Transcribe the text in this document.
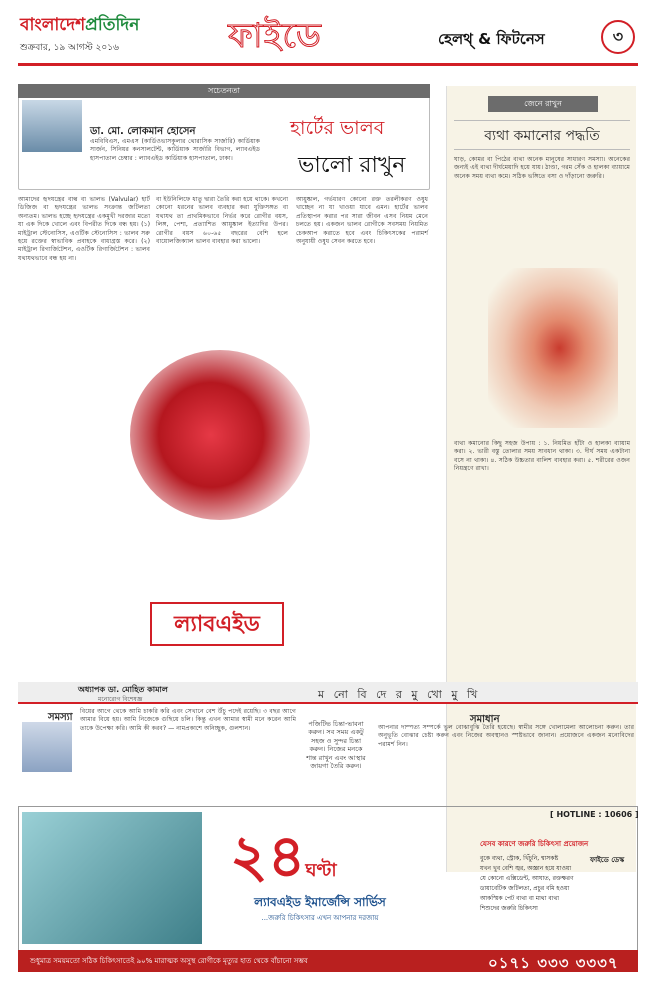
বাংলাদেশপ্রতিদিন
শুক্রবার, ১৯ আগস্ট ২০১৬	ফাইডে	হেলথ্ & ফিটনেস	৩
সচেতনতা
ডা. মো. লোকমান হোসেন
এমবিবিএস, এমএস (কার্ডিওভাসকুলার থোরাসিক সার্জারি) কার্ডিয়াক সার্জন, সিনিয়র কনসালটেন্ট, কার্ডিয়াক সার্জারি বিভাগ, ল্যাবএইড হাসপাতাল চেম্বার : ল্যাবএইড কার্ডিয়াক হাসপাতাল, ঢাকা।
হার্টের ভালব
ভালো রাখুন
আমাদের হৃদযন্ত্রের বাল্ব বা ভালভ (Valvular) হার্ট ডিজিজ বা হৃদযন্ত্রের ভালভ সংক্রান্ত জটিলতা অন্যতম। ভালভ হচ্ছে হৃদযন্ত্রের একমুখী দরজার মতো যা এক দিকে খোলে এবং বিপরীত দিকে বন্ধ হয়। (১) মাইট্রাল স্টেনোসিস, এওর্টিক স্টেনোসিস : ভালব সরু হয়ে রক্তের স্বাভাবিক প্রবাহকে বাধাগ্রস্ত করে। (২) মাইট্রাল রিগার্জিটেশন, এওর্টিক রিগার্জিটেশন : ভালব যথাযথভাবে বন্ধ হয় না।
বা ইউনিলিফে ধাতু দ্বারা তৈরি করা হয়ে থাকে। কখনো কোনো ধরনের ভালব ব্যবহার করা যুক্তিসঙ্গত বা যথাযথ তা প্রাথমিকভাবে নির্ভর করে রোগীর বয়স, লিঙ্গ, পেশা, প্রত্যাশিত আয়ুষ্কাল ইত্যাদির উপর। রোগীর বয়স ৬০-৬৫ বছরের বেশি হলে বায়োলজিক্যাল ভালব ব্যবহার করা ভালো।
আয়ুষ্কাল, গর্ভধারণ কোনো রক্ত তরলীকরণ ওষুধ খাচ্ছেন না যা খাওয়া যাবে এমন। হার্টের ভালব প্রতিস্থাপন করার পর সারা জীবন এসব নিয়ম মেনে চলতে হয়। একজন ভালব রোগীকে সবসময় নিয়মিত চেকআপ করাতে হবে এবং চিকিৎসকের পরামর্শ অনুযায়ী ওষুধ সেবন করতে হবে।
ল্যাবএইড
জেনে রাখুন
ব্যথা কমানোর পদ্ধতি
ঘাড়, কোমর বা পিঠের ব্যথা অনেক মানুষের সাধারণ সমস্যা। অনেকের জন্যই এই ব্যথা দীর্ঘমেয়াদি হয়ে যায়। ঠাণ্ডা, গরম সেঁক ও হালকা ব্যায়ামে অনেক সময় ব্যথা কমে। সঠিক ভঙ্গিতে বসা ও দাঁড়ানো জরুরি।
ব্যথা কমানোর কিছু সহজ উপায় : ১. নিয়মিত হাঁটা ও হালকা ব্যায়াম করা। ২. ভারী বস্তু তোলার সময় সাবধান থাকা। ৩. দীর্ঘ সময় একটানা বসে না থাকা। ৪. সঠিক উচ্চতার বালিশ ব্যবহার করা। ৫. শরীরের ওজন নিয়ন্ত্রণে রাখা।
ফাইডে ডেস্ক
অধ্যাপক ডা. মোহিত কামাল
মনোরোগ বিশেষজ্ঞ	ম নো বি দে র মু খো মু খি
সমস্যা
বিয়ের আগে থেকে আমি চাকরি করি এবং সেখানে বেশ উঁচু পদেই রয়েছি। ৩ বছর আগে আমার বিয়ে হয়। আমি নিজেকে গুছিয়ে চলি। কিন্তু এখন আমার স্বামী মনে করেন আমি তাকে উপেক্ষা করি। আমি কী করব? — নামপ্রকাশে অনিচ্ছুক, গুলশান।
পজিটিভ চিন্তা-ভাবনা করুন। সব সময় একটু সহজ ও সুন্দর চিন্তা করুন। নিজের মনকে শান্ত রাখুন এবং আস্থার জায়গা তৈরি করুন।
সমাধান
আপনার দাম্পত্য সম্পর্কে ভুল বোঝাবুঝি তৈরি হয়েছে। স্বামীর সঙ্গে খোলামেলা আলোচনা করুন। তার অনুভূতি বোঝার চেষ্টা করুন এবং নিজের অবস্থানও স্পষ্টভাবে জানান। প্রয়োজনে একজন মনোবিদের পরামর্শ নিন।
[ HOTLINE : 10606 ]
২৪ঘণ্টা
ল্যাবএইড ইমার্জেন্সি সার্ভিস
...জরুরি চিকিৎসার এখন আপনার দরজায়
যেসব কারণে জরুরি চিকিৎসা প্রয়োজন
বুকে ব্যথা, স্ট্রোক, খিঁচুনি, শ্বাসকষ্ট
যখন খুব বেশি জ্বর, অজ্ঞান হয়ে যাওয়া
যে কোনো এক্সিডেন্ট, আঘাত, রক্তক্ষরণ
ডায়াবেটিক জটিলতা, প্রচুর বমি হওয়া
আকস্মিক পেট ব্যথা বা মাথা ব্যথা
শিশুদের জরুরি চিকিৎসা
শুধুমাত্র সময়মতো সঠিক চিকিৎসাতেই ৯০% মারাত্মক অসুস্থ রোগীকে মৃত্যুর হাত থেকে বাঁচানো সম্ভব	০১৭১ ৩৩৩ ৩৩৩৭
